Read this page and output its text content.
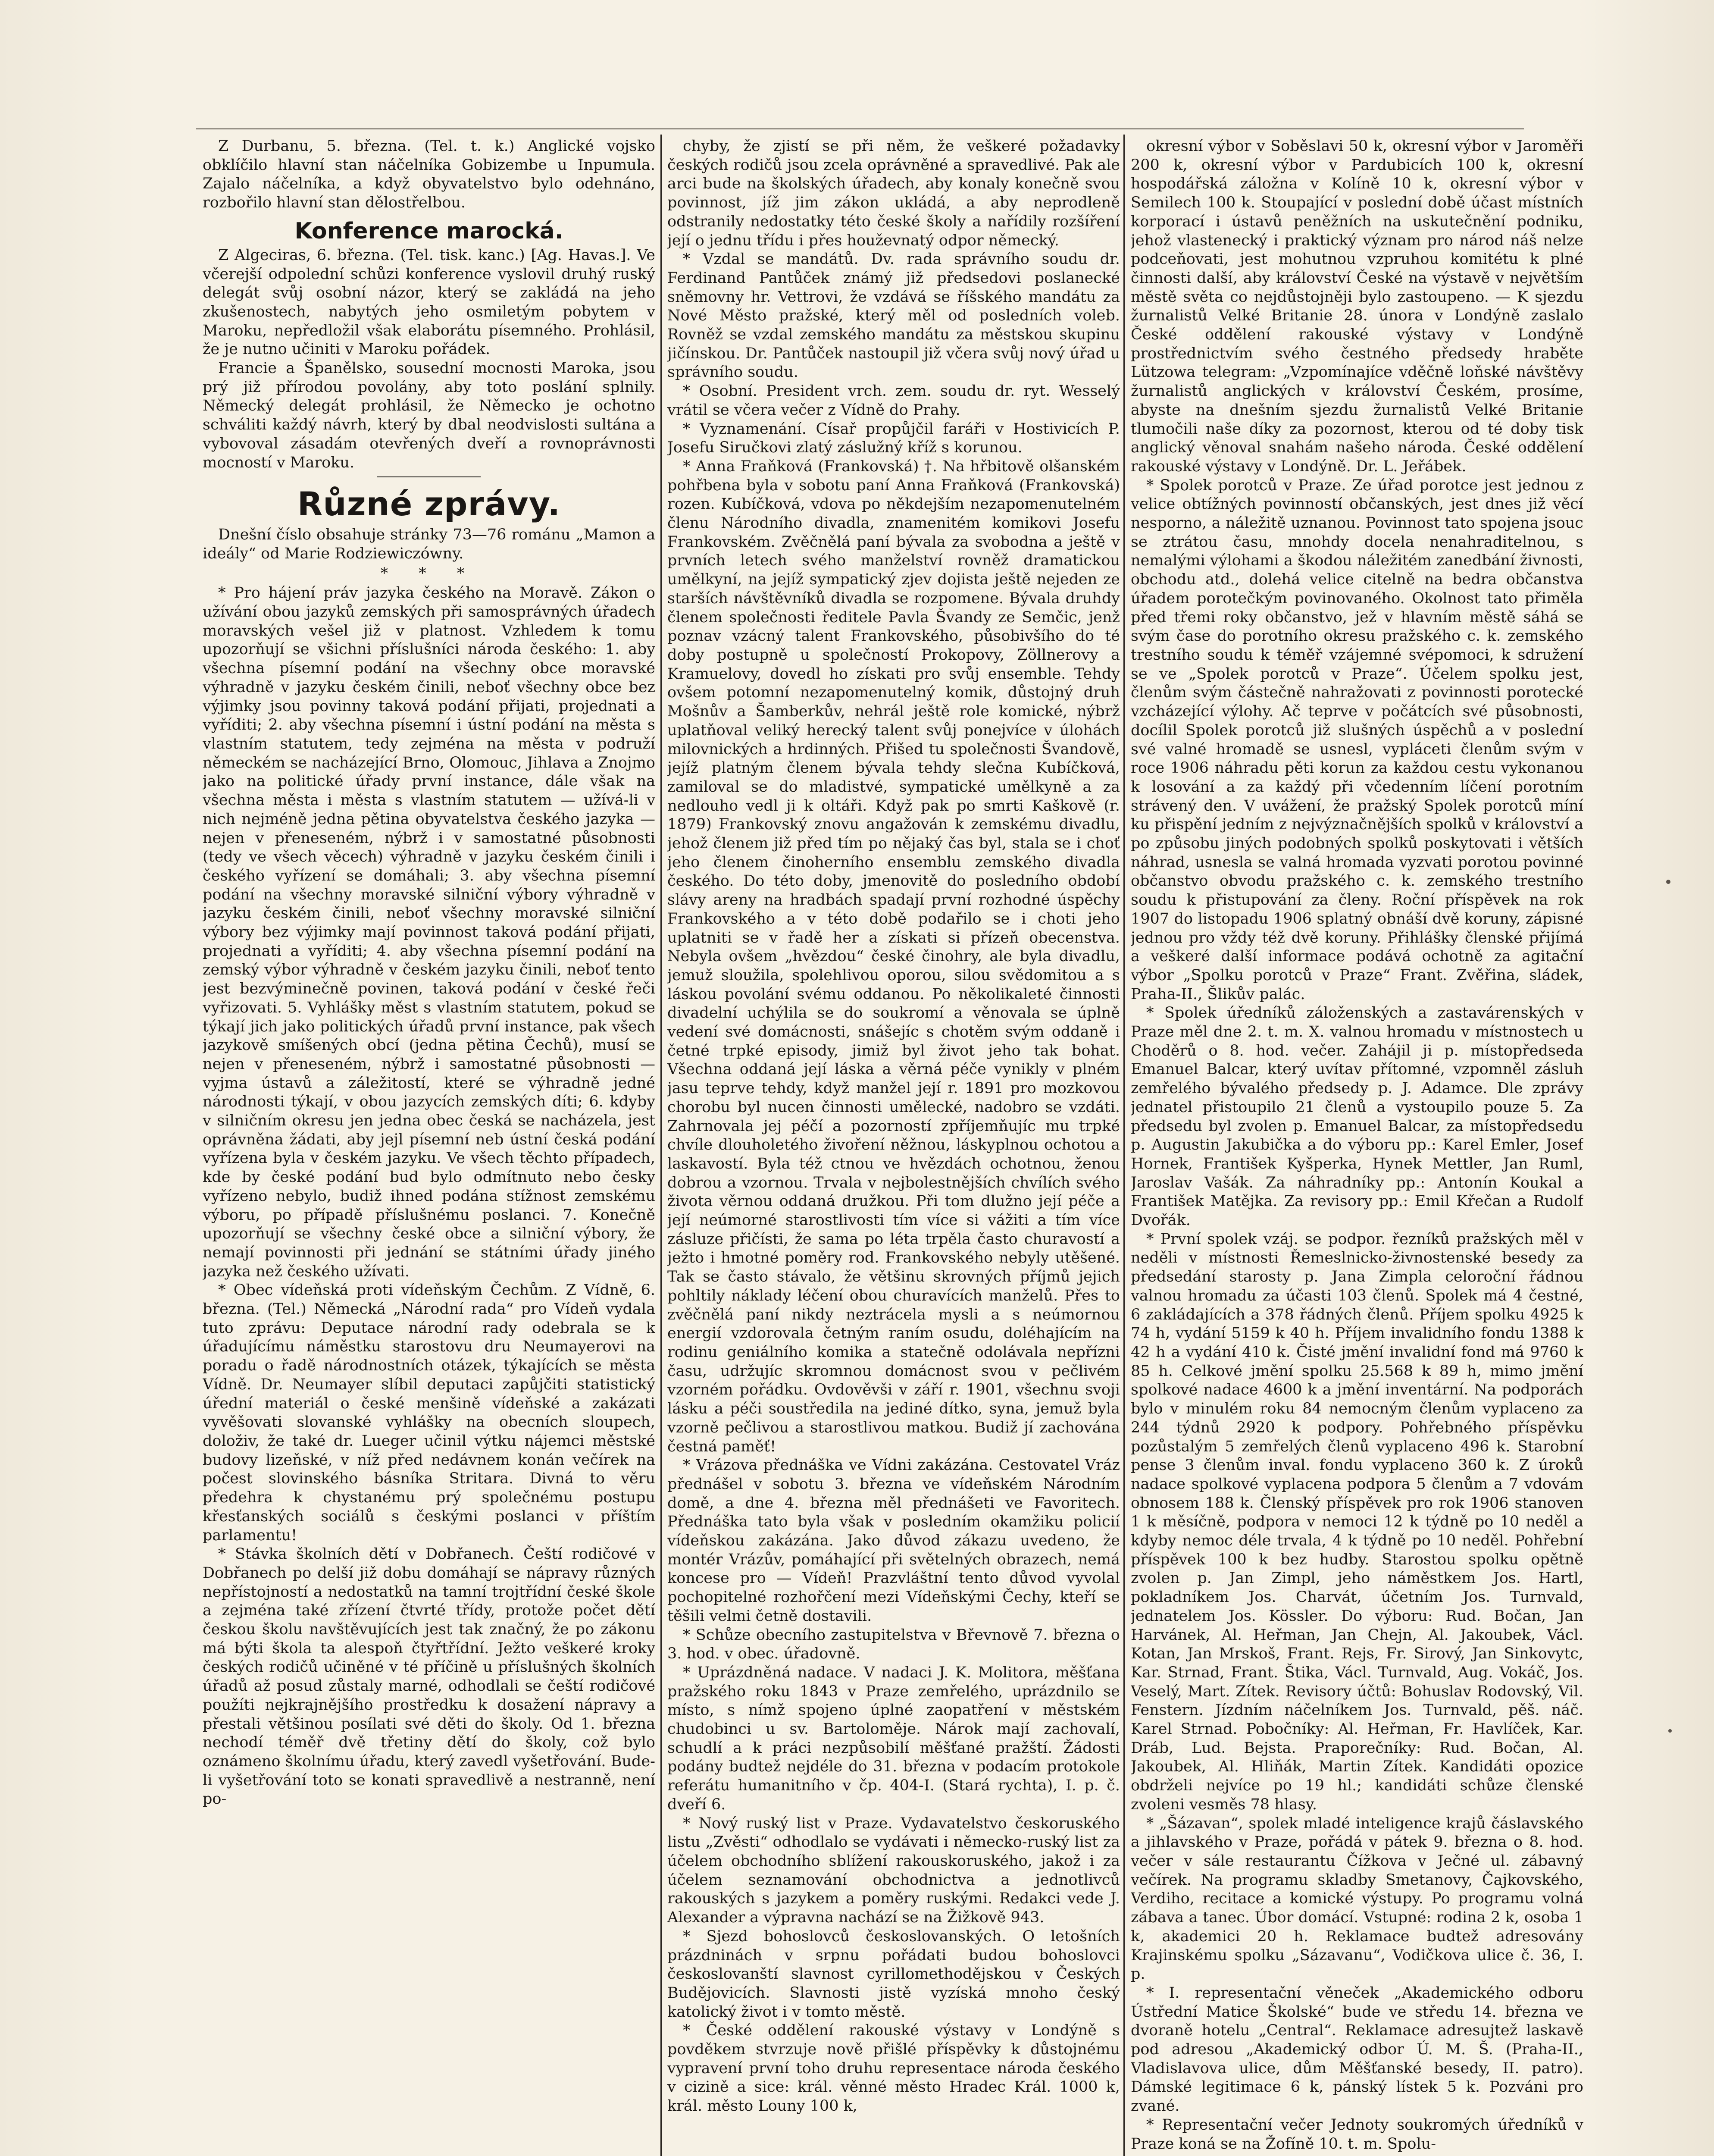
Z Durbanu, 5. března. (Tel. t. k.) Anglické vojsko obklíčilo hlavní stan náčelníka Gobizembe u Inpumula. Zajalo náčelníka, a když obyvatelstvo bylo odehnáno, rozbořilo hlavní stan dělostřelbou.

Konference marocká.

Z Algeciras, 6. března. (Tel. tisk. kanc.) [Ag. Havas.]. Ve včerejší odpolední schůzi konference vyslovil druhý ruský delegát svůj osobní názor, který se zakládá na jeho zkušenostech, nabytých jeho osmiletým pobytem v Maroku, nepředložil však elaborátu písemného. Prohlásil, že je nutno učiniti v Maroku pořádek.

Francie a Španělsko, sousední mocnosti Maroka, jsou prý již přírodou povolány, aby toto poslání splnily. Německý delegát prohlásil, že Německo je ochotno schváliti každý návrh, který by dbal neodvislosti sultána a vybovoval zásadám otevřených dveří a rovnoprávnosti mocností v Maroku.

Různé zprávy.

Dnešní číslo obsahuje stránky 73—76 románu „Mamon a ideály“ od Marie Rodziewiczówny.

* * *

* Pro hájení práv jazyka českého na Moravě. Zákon o užívání obou jazyků zemských při samosprávných úřadech moravských vešel již v platnost. Vzhledem k tomu upozorňují se všichni příslušníci národa českého: 1. aby všechna písemní podání na všechny obce moravské výhradně v jazyku českém činili, neboť všechny obce bez výjimky jsou povinny taková podání přijati, projednati a vyříditi; 2. aby všechna písemní i ústní podání na města s vlastním statutem, tedy zejména na města v podruží německém se nacházející Brno, Olomouc, Jihlava a Znojmo jako na politické úřady první instance, dále však na všechna města i města s vlastním statutem — užívá-li v nich nejméně jedna pětina obyvatelstva českého jazyka — nejen v přeneseném, nýbrž i v samostatné působnosti (tedy ve všech věcech) výhradně v jazyku českém činili i českého vyřízení se domáhali; 3. aby všechna písemní podání na všechny moravské silniční výbory výhradně v jazyku českém činili, neboť všechny moravské silniční výbory bez výjimky mají povinnost taková podání přijati, projednati a vyříditi; 4. aby všechna písemní podání na zemský výbor výhradně v českém jazyku činili, neboť tento jest bezvýminečně povinen, taková podání v české řeči vyřizovati. 5. Vyhlášky měst s vlastním statutem, pokud se týkají jich jako politických úřadů první instance, pak všech jazykově smíšených obcí (jedna pětina Čechů), musí se nejen v přeneseném, nýbrž i samostatné působnosti — vyjma ústavů a záležitostí, které se výhradně jedné národnosti týkají, v obou jazycích zemských díti; 6. kdyby v silničním okresu jen jedna obec česká se nacházela, jest oprávněna žádati, aby jejl písemní neb ústní česká podání vyřízena byla v českém jazyku. Ve všech těchto případech, kde by české podání bud bylo odmítnuto nebo česky vyřízeno nebylo, budiž ihned podána stížnost zemskému výboru, po případě příslušnému poslanci. 7. Konečně upozorňují se všechny české obce a silniční výbory, že nemají povinnosti při jednání se státními úřady jiného jazyka než českého užívati.

* Obec vídeňská proti vídeňským Čechům. Z Vídně, 6. března. (Tel.) Německá „Národní rada“ pro Vídeň vydala tuto zprávu: Deputace národní rady odebrala se k úřadujícímu náměstku starostovu dru Neumayerovi na poradu o řadě národnostních otázek, týkajících se města Vídně. Dr. Neumayer slíbil deputaci zapůjčiti statistický úřední materiál o české menšině vídeňské a zakázati vyvěšovati slovanské vyhlášky na obecních sloupech, doloživ, že také dr. Lueger učinil výtku nájemci městské budovy lizeňské, v níž před nedávnem konán večírek na počest slovinského básníka Stritara. Divná to věru předehra k chystanému prý společnému postupu křesťanských sociálů s českými poslanci v příštím parlamentu!

* Stávka školních dětí v Dobřanech. Čeští rodičové v Dobřanech po delší již dobu domáhají se nápravy různých nepřístojností a nedostatků na tamní trojtřídní české škole a zejména také zřízení čtvrté třídy, protože počet dětí českou školu navštěvujících jest tak značný, že po zákonu má býti škola ta alespoň čtyřtřídní. Ježto veškeré kroky českých rodičů učiněné v té příčině u příslušných školních úřadů až posud zůstaly marné, odhodlali se čeští rodičové použíti nejkrajnějšího prostředku k dosažení nápravy a přestali většinou posílati své děti do školy. Od 1. března nechodí téměř dvě třetiny dětí do školy, což bylo oznámeno školnímu úřadu, který zavedl vyšetřování. Bude-li vyšetřování toto se konati spravedlivě a nestranně, není po-

chyby, že zjistí se při něm, že veškeré požadavky českých rodičů jsou zcela oprávněné a spravedlivé. Pak ale arci bude na školských úřadech, aby konaly konečně svou povinnost, jíž jim zákon ukládá, a aby neprodleně odstranily nedostatky této české školy a nařídily rozšíření její o jednu třídu i přes houževnatý odpor německý.

* Vzdal se mandátů. Dv. rada správního soudu dr. Ferdinand Pantůček známý již předsedovi poslanecké sněmovny hr. Vettrovi, že vzdává se říšského mandátu za Nové Město pražské, který měl od posledních voleb. Rovněž se vzdal zemského mandátu za městskou skupinu jičínskou. Dr. Pantůček nastoupil již včera svůj nový úřad u správního soudu.

* Osobní. President vrch. zem. soudu dr. ryt. Wesselý vrátil se včera večer z Vídně do Prahy.

* Vyznamenání. Císař propůjčil faráři v Hostivicích P. Josefu Siručkovi zlatý záslužný kříž s korunou.

* Anna Fraňková (Frankovská) †. Na hřbitově olšanském pohřbena byla v sobotu paní Anna Fraňková (Frankovská) rozen. Kubíčková, vdova po někdejším nezapomenutelném členu Národního divadla, znamenitém komikovi Josefu Frankovském. Zvěčnělá paní bývala za svobodna a ještě v prvních letech svého manželství rovněž dramatickou umělkyní, na jejíž sympatický zjev dojista ještě nejeden ze starších návštěvníků divadla se rozpomene. Bývala druhdy členem společnosti ředitele Pavla Švandy ze Semčic, jenž poznav vzácný talent Frankovského, působivšího do té doby postupně u společností Prokopovy, Zöllnerovy a Kramuelovy, dovedl ho získati pro svůj ensemble. Tehdy ovšem potomní nezapomenutelný komik, důstojný druh Mošnův a Šamberkův, nehrál ještě role komické, nýbrž uplatňoval veliký herecký talent svůj ponejvíce v úlohách milovnických a hrdinných. Přišed tu společnosti Švandově, jejíž platným členem bývala tehdy slečna Kubíčková, zamiloval se do mladistvé, sympatické umělkyně a za nedlouho vedl ji k oltáři. Když pak po smrti Kaškově (r. 1879) Frankovský znovu angažován k zemskému divadlu, jehož členem již před tím po nějaký čas byl, stala se i choť jeho členem činoherního ensemblu zemského divadla českého. Do této doby, jmenovitě do posledního období slávy areny na hradbách spadají první rozhodné úspěchy Frankovského a v této době podařilo se i choti jeho uplatniti se v řadě her a získati si přízeň obecenstva. Nebyla ovšem „hvězdou“ české činohry, ale byla divadlu, jemuž sloužila, spolehlivou oporou, silou svědomitou a s láskou povolání svému oddanou. Po několikaleté činnosti divadelní uchýlila se do soukromí a věnovala se úplně vedení své domácnosti, snášejíc s chotěm svým oddaně i četné trpké episody, jimiž byl život jeho tak bohat. Všechna oddaná její láska a věrná péče vynikly v plném jasu teprve tehdy, když manžel její r. 1891 pro mozkovou chorobu byl nucen činnosti umělecké, nadobro se vzdáti. Zahrnovala jej péčí a pozorností zpříjemňujíc mu trpké chvíle dlouholetého živoření něžnou, láskyplnou ochotou a laskavostí. Byla též ctnou ve hvězdách ochotnou, ženou dobrou a vzornou. Trvala v nejbolestnějších chvílích svého života věrnou oddaná družkou. Při tom dlužno její péče a její neúmorné starostlivosti tím více si vážiti a tím více zásluze přičísti, že sama po léta trpěla často churavostí a ježto i hmotné poměry rod. Frankovského nebyly utěšené. Tak se často stávalo, že většinu skrovných příjmů jejich pohltily náklady léčení obou churavících manželů. Přes to zvěčnělá paní nikdy neztrácela mysli a s neúmornou energií vzdorovala četným raním osudu, doléhajícím na rodinu geniálního komika a statečně odolávala nepřízni času, udržujíc skromnou domácnost svou v pečlivém vzorném pořádku. Ovdověvši v září r. 1901, všechnu svoji lásku a péči soustředila na jediné dítko, syna, jemuž byla vzorně pečlivou a starostlivou matkou. Budiž jí zachována čestná paměť!

* Vrázova přednáška ve Vídni zakázána. Cestovatel Vráz přednášel v sobotu 3. března ve vídeňském Národním domě, a dne 4. března měl přednášeti ve Favoritech. Přednáška tato byla však v posledním okamžiku policií vídeňskou zakázána. Jako důvod zákazu uvedeno, že montér Vrázův, pomáhající při světelných obrazech, nemá koncese pro — Vídeň! Prazvláštní tento důvod vyvolal pochopitelné rozhořčení mezi Vídeňskými Čechy, kteří se těšili velmi četně dostavili.

* Schůze obecního zastupitelstva v Břevnově 7. března o 3. hod. v obec. úřadovně.

* Uprázdněná nadace. V nadaci J. K. Molitora, měšťana pražského roku 1843 v Praze zemřelého, uprázdnilo se místo, s nímž spojeno úplné zaopatření v městském chudobinci u sv. Bartoloměje. Nárok mají zachovalí, schudlí a k práci nezpůsobilí měšťané pražští. Žádosti podány budtež nejdéle do 31. března v podacím protokole referátu humanitního v čp. 404-I. (Stará rychta), I. p. č. dveří 6.

* Nový ruský list v Praze. Vydavatelstvo českoruského listu „Zvěsti“ odhodlalo se vydávati i německo-ruský list za účelem obchodního sblížení rakouskoruského, jakož i za účelem seznamování obchodnictva a jednotlivců rakouských s jazykem a poměry ruskými. Redakci vede J. Alexander a výpravna nachází se na Žižkově 943.

* Sjezd bohoslovců českoslovanských. O letošních prázdninách v srpnu pořádati budou bohoslovci českoslovanští slavnost cyrillomethodějskou v Českých Budějovicích. Slavnosti jistě vyzíská mnoho český katolický život i v tomto městě.

* České oddělení rakouské výstavy v Londýně s povděkem stvrzuje nově přišlé příspěvky k důstojnému vypravení první toho druhu representace národa českého v cizině a sice: král. věnné město Hradec Král. 1000 k, král. město Louny 100 k,

okresní výbor v Soběslavi 50 k, okresní výbor v Jaroměři 200 k, okresní výbor v Pardubicích 100 k, okresní hospodářská záložna v Kolíně 10 k, okresní výbor v Semilech 100 k. Stoupající v poslední době účast místních korporací i ústavů peněžních na uskutečnění podniku, jehož vlastenecký i praktický význam pro národ náš nelze podceňovati, jest mohutnou vzpruhou komitétu k plné činnosti další, aby království České na výstavě v největším městě světa co nejdůstojněji bylo zastoupeno. — K sjezdu žurnalistů Velké Britanie 28. února v Londýně zaslalo České oddělení rakouské výstavy v Londýně prostřednictvím svého čestného předsedy hraběte Lützowa telegram: „Vzpomínajíce vděčně loňské návštěvy žurnalistů anglických v království Českém, prosíme, abyste na dnešním sjezdu žurnalistů Velké Britanie tlumočili naše díky za pozornost, kterou od té doby tisk anglický věnoval snahám našeho národa. České oddělení rakouské výstavy v Londýně. Dr. L. Jeřábek.

* Spolek porotců v Praze. Ze úřad porotce jest jednou z velice obtížných povinností občanských, jest dnes již věcí nesporno, a náležitě uznanou. Povinnost tato spojena jsouc se ztrátou času, mnohdy docela nenahraditelnou, s nemalými výlohami a škodou náležitém zanedbání živnosti, obchodu atd., dolehá velice citelně na bedra občanstva úřadem porotečkým povinovaného. Okolnost tato přiměla před třemi roky občanstvo, jež v hlavním městě sáhá se svým čase do porotního okresu pražského c. k. zemského trestního soudu k téměř vzájemné svépomoci, k sdružení se ve „Spolek porotců v Praze“. Účelem spolku jest, členům svým částečně nahražovati z povinnosti porotecké vzcházející výlohy. Ač teprve v počátcích své působnosti, docílil Spolek porotců již slušných úspěchů a v poslední své valné hromadě se usnesl, vypláceti členům svým v roce 1906 náhradu pěti korun za každou cestu vykonanou k losování a za každý při včedenním líčení porotním strávený den. V uvážení, že pražský Spolek porotců míní ku přispění jedním z nejvýznačnějších spolků v království a po způsobu jiných podobných spolků poskytovati i větších náhrad, usnesla se valná hromada vyzvati porotou povinné občanstvo obvodu pražského c. k. zemského trestního soudu k přistupování za členy. Roční příspěvek na rok 1907 do listopadu 1906 splatný obnáší dvě koruny, zápisné jednou pro vždy též dvě koruny. Přihlášky členské přijímá a veškeré další informace podává ochotně za agitační výbor „Spolku porotců v Praze“ Frant. Zvěřina, sládek, Praha-II., Šlikův palác.

* Spolek úředníků záloženských a zastavárenských v Praze měl dne 2. t. m. X. valnou hromadu v místnostech u Choděrů o 8. hod. večer. Zahájil ji p. místopředseda Emanuel Balcar, který uvítav přítomné, vzpomněl zásluh zemřelého bývalého předsedy p. J. Adamce. Dle zprávy jednatel přistoupilo 21 členů a vystoupilo pouze 5. Za předsedu byl zvolen p. Emanuel Balcar, za místopředsedu p. Augustin Jakubička a do výboru pp.: Karel Emler, Josef Hornek, František Kyšperka, Hynek Mettler, Jan Ruml, Jaroslav Vašák. Za náhradníky pp.: Antonín Koukal a František Matějka. Za revisory pp.: Emil Křečan a Rudolf Dvořák.

* První spolek vzáj. se podpor. řezníků pražských měl v neděli v místnosti Řemeslnicko-živnostenské besedy za předsedání starosty p. Jana Zimpla celoroční řádnou valnou hromadu za účasti 103 členů. Spolek má 4 čestné, 6 zakládajících a 378 řádných členů. Příjem spolku 4925 k 74 h, vydání 5159 k 40 h. Příjem invalidního fondu 1388 k 42 h a vydání 410 k. Čisté jmění invalidní fond má 9760 k 85 h. Celkové jmění spolku 25.568 k 89 h, mimo jmění spolkové nadace 4600 k a jmění inventární. Na podporách bylo v minulém roku 84 nemocným členům vyplaceno za 244 týdnů 2920 k podpory. Pohřebného příspěvku pozůstalým 5 zemřelých členů vyplaceno 496 k. Starobní pense 3 členům inval. fondu vyplaceno 360 k. Z úroků nadace spolkové vyplacena podpora 5 členům a 7 vdovám obnosem 188 k. Členský příspěvek pro rok 1906 stanoven 1 k měsíčně, podpora v nemoci 12 k týdně po 10 neděl a kdyby nemoc déle trvala, 4 k týdně po 10 neděl. Pohřební příspěvek 100 k bez hudby. Starostou spolku opětně zvolen p. Jan Zimpl, jeho náměstkem Jos. Hartl, pokladníkem Jos. Charvát, účetním Jos. Turnvald, jednatelem Jos. Kössler. Do výboru: Rud. Bočan, Jan Harvánek, Al. Heřman, Jan Chejn, Al. Jakoubek, Václ. Kotan, Jan Mrskoš, Frant. Rejs, Fr. Sirový, Jan Sinkovytc, Kar. Strnad, Frant. Štika, Václ. Turnvald, Aug. Vokáč, Jos. Veselý, Mart. Zítek. Revisory účtů: Bohuslav Rodovský, Vil. Fenstern. Jízdním náčelníkem Jos. Turnvald, pěš. náč. Karel Strnad. Pobočníky: Al. Heřman, Fr. Havlíček, Kar. Dráb, Lud. Bejsta. Praporečníky: Rud. Bočan, Al. Jakoubek, Al. Hliňák, Martin Zítek. Kandidáti opozice obdrželi nejvíce po 19 hl.; kandidáti schůze členské zvoleni vesměs 78 hlasy.

* „Šázavan“, spolek mladé inteligence krajů čáslavského a jihlavského v Praze, pořádá v pátek 9. března o 8. hod. večer v sále restaurantu Čížkova v Ječné ul. zábavný večírek. Na programu skladby Smetanovy, Čajkovského, Verdiho, recitace a komické výstupy. Po programu volná zábava a tanec. Úbor domácí. Vstupné: rodina 2 k, osoba 1 k, akademici 20 h. Reklamace budtež adresovány Krajinskému spolku „Sázavanu“, Vodičkova ulice č. 36, I. p.

* I. representační věneček „Akademického odboru Ústřední Matice Školské“ bude ve středu 14. března ve dvoraně hotelu „Central“. Reklamace adresujtež laskavě pod adresou „Akademický odbor Ú. M. Š. (Praha-II., Vladislavova ulice, dům Měšťanské besedy, II. patro). Dámské legitimace 6 k, pánský lístek 5 k. Pozváni pro zvané.

* Representační večer Jednoty soukromých úředníků v Praze koná se na Žofíně 10. t. m. Spolu-
